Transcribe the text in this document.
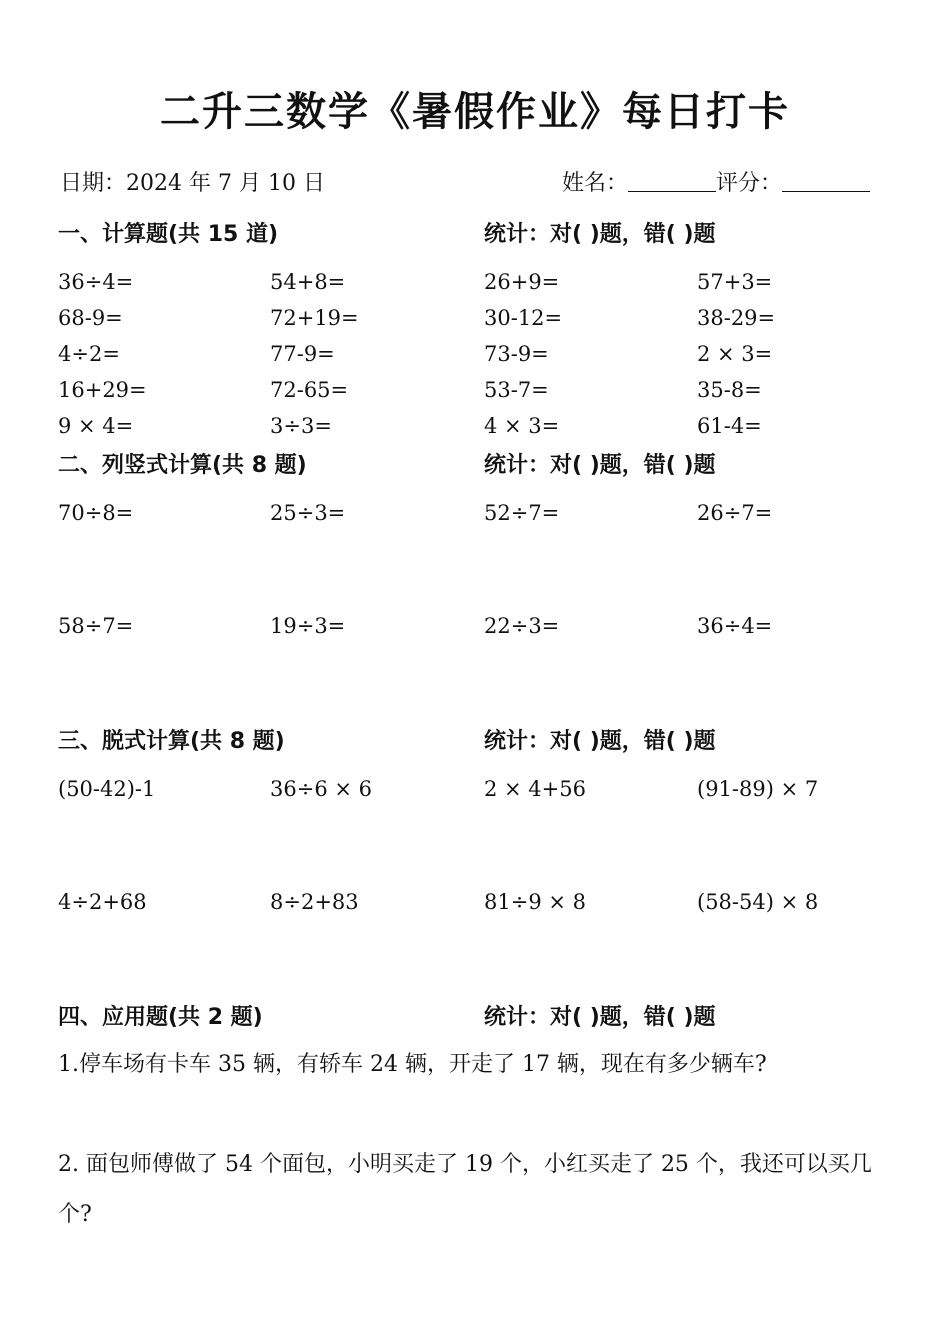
二升三数学《暑假作业》每日打卡
日期：2024 年 7 月 10 日	姓名：	评分：
一、计算题(共 15 道)	统计：对( )题，错( )题
36÷4=	54+8=	26+9=	57+3=
68-9=	72+19=	30-12=	38-29=
4÷2=	77-9=	73-9=	2 × 3=
16+29=	72-65=	53-7=	35-8=
9 × 4=	3÷3=	4 × 3=	61-4=
二、列竖式计算(共 8 题)	统计：对( )题，错( )题
70÷8=	25÷3=	52÷7=	26÷7=
58÷7=	19÷3=	22÷3=	36÷4=
三、脱式计算(共 8 题)	统计：对( )题，错( )题
(50-42)-1	36÷6 × 6	2 × 4+56	(91-89) × 7
4÷2+68	8÷2+83	81÷9 × 8	(58-54) × 8
四、应用题(共 2 题)	统计：对( )题，错( )题
1.停车场有卡车 35 辆，有轿车 24 辆，开走了 17 辆，现在有多少辆车?
2. 面包师傅做了 54 个面包，小明买走了 19 个，小红买走了 25 个，我还可以买几个?
